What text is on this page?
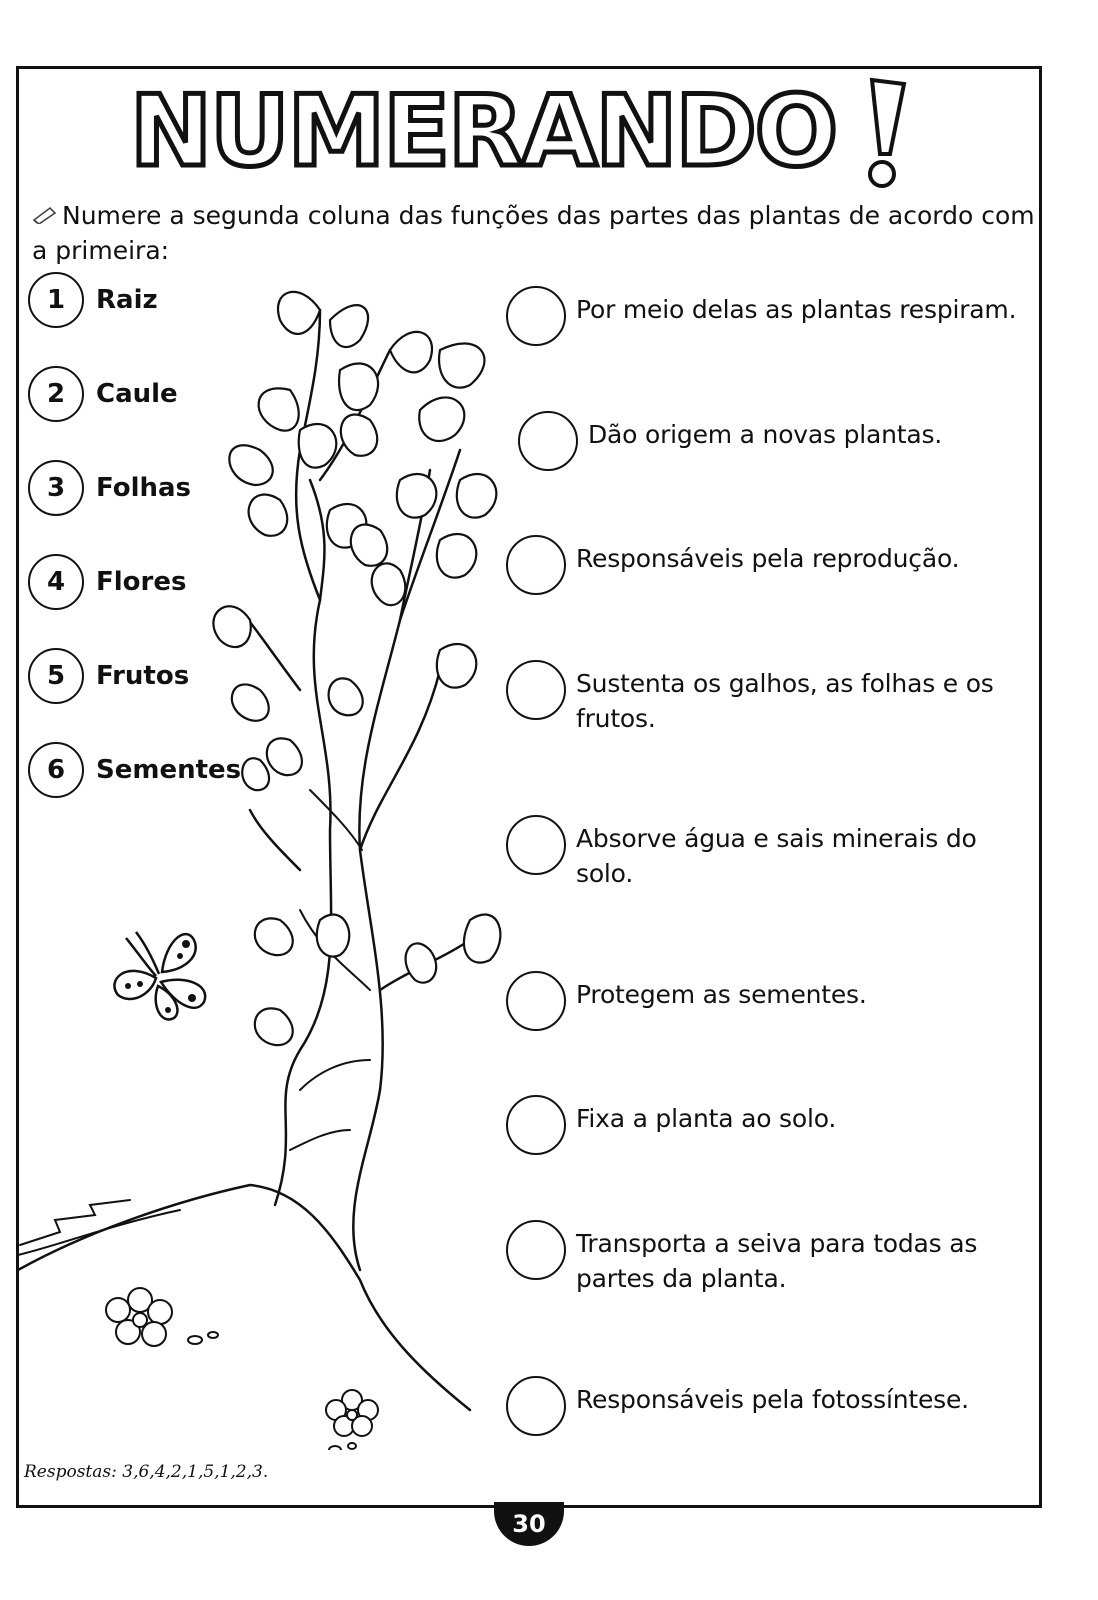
NUMERANDO
Numere a segunda coluna das funções das partes das plantas de acordo com a primeira:
1	Raiz
2	Caule
3	Folhas
4	Flores
5	Frutos
6	Sementes
Por meio delas as plantas respiram.
Dão origem a novas plantas.
Responsáveis pela reprodução.
Sustenta os galhos, as folhas e os frutos.
Absorve água e sais minerais do solo.
Protegem as sementes.
Fixa a planta ao solo.
Transporta a seiva para todas as partes da planta.
Responsáveis pela fotossíntese.
Respostas: 3,6,4,2,1,5,1,2,3.
30
